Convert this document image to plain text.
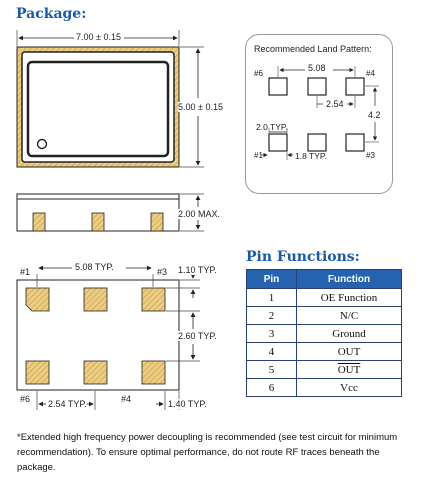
Package:
Pin Functions:
7.00 ± 0.15
5.00 ± 0.15
2.00 MAX.
#1	#3
5.08 TYP.	1.10 TYP.
2.60 TYP.
#6	#4
2.54 TYP.	1.40 TYP.
Recommended Land Pattern:
#6	#4
5.08
2.54
4.2
2.0 TYP.
#1	1.8 TYP.	#3
Pin	Function
1	OE Function
2	N/C
3	Ground
4	OUT
5	$\overline{OUT}$
6	Vcc
*Extended high frequency power decoupling is recommended (see test circuit for minimum recommendation). To ensure optimal performance, do not route RF traces beneath the package.
